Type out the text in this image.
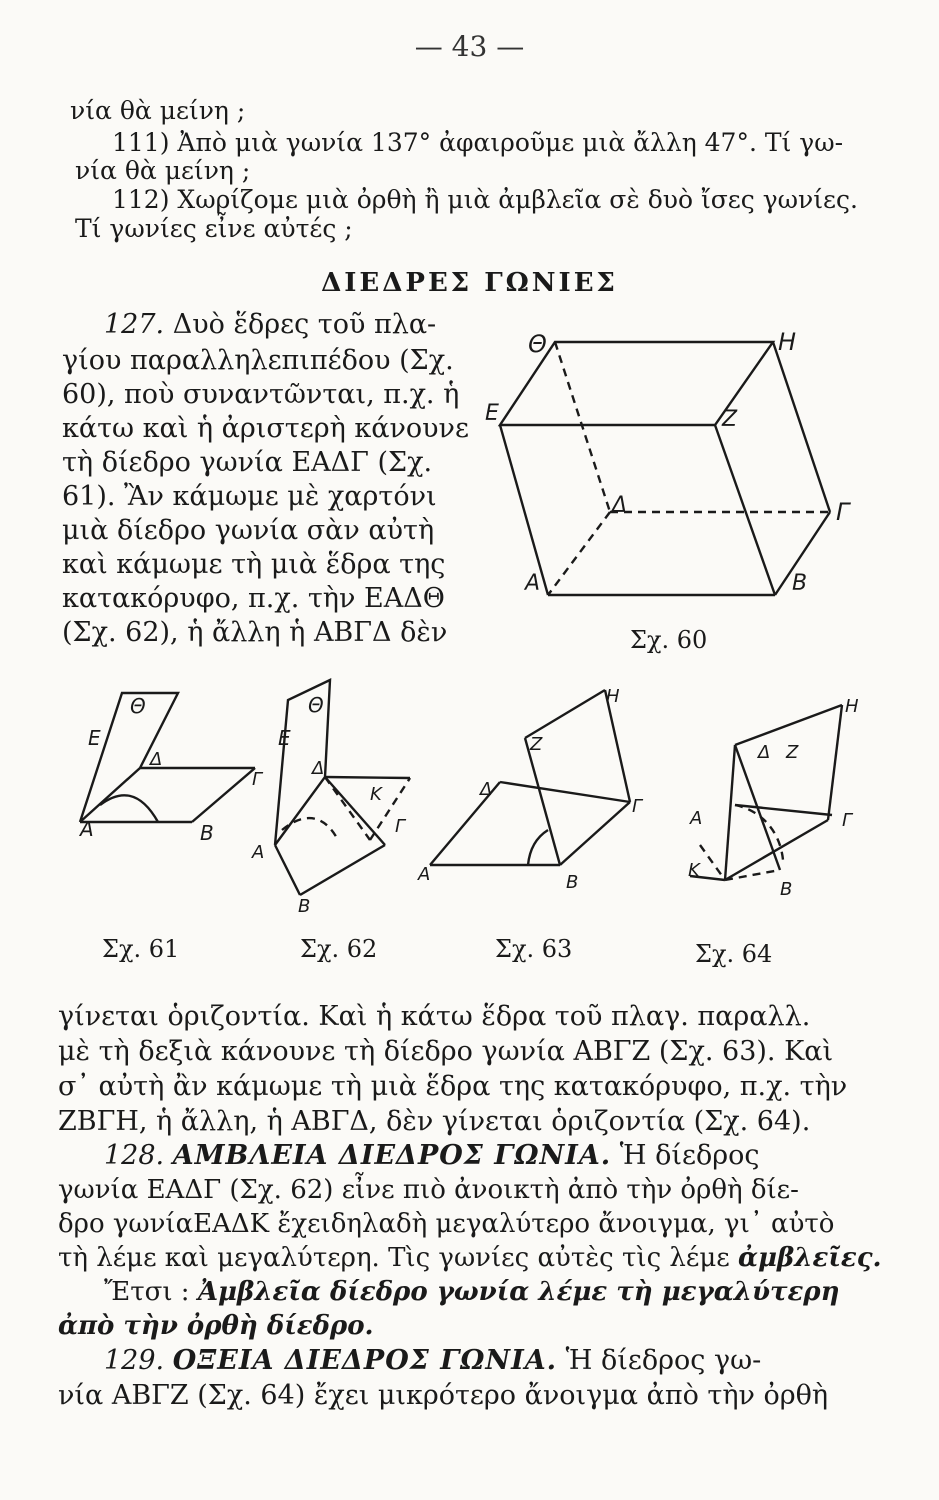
— 43 —
νία θὰ μείνη ;
111) Ἀπὸ μιὰ γωνία 137° ἀφαιροῦμε μιὰ ἄλλη 47°. Τί γω-
νία θὰ μείνη ;
112) Χωρίζομε μιὰ ὀρθὴ ἢ μιὰ ἀμβλεῖα σὲ δυὸ ἴσες γωνίες.
Τί γωνίες εἶνε αὐτές ;
ΔΙΕΔΡΕΣ ΓΩΝΙΕΣ
127. Δυὸ ἕδρες τοῦ πλα-
γίου παραλληλεπιπέδου (Σχ.
60), ποὺ συναντῶνται, π.χ. ἡ
κάτω καὶ ἡ ἀριστερὴ κάνουνε
τὴ δίεδρο γωνία ΕΑΔΓ (Σχ.
61). Ἂν κάμωμε μὲ χαρτόνι
μιὰ δίεδρο γωνία σὰν αὐτὴ
καὶ κάμωμε τὴ μιὰ ἕδρα της
κατακόρυφο, π.χ. τὴν ΕΑΔΘ
(Σχ. 62), ἡ ἄλλη ἡ ΑΒΓΔ δὲν
Θ	Η
Ε	Ζ
Δ	Γ
Α	Β
Θ
Ε
Δ
Γ
Α	Β
Θ
Ε
Δ
Κ
Γ
Α
Β
Η
Ζ
Δ
Γ
Α	Β
Η
Δ Ζ
Γ
Α
Κ
Β
Σχ. 60
Σχ. 61	Σχ. 62	Σχ. 63	Σχ. 64
γίνεται ὁριζοντία. Καὶ ἡ κάτω ἕδρα τοῦ πλαγ. παραλλ.
μὲ τὴ δεξιὰ κάνουνε τὴ δίεδρο γωνία ΑΒΓΖ (Σχ. 63). Καὶ
σ᾽ αὐτὴ ἂν κάμωμε τὴ μιὰ ἕδρα της κατακόρυφο, π.χ. τὴν
ΖΒΓΗ, ἡ ἄλλη, ἡ ΑΒΓΔ, δὲν γίνεται ὁριζοντία (Σχ. 64).
128. ΑΜΒΛΕΙΑ ΔΙΕΔΡΟΣ ΓΩΝΙΑ. Ἡ δίεδρος
γωνία ΕΑΔΓ (Σχ. 62) εἶνε πιὸ ἀνοικτὴ ἀπὸ τὴν ὀρθὴ δίε-
δρο γωνίαΕΑΔΚ ἔχειδηλαδὴ μεγαλύτερο ἄνοιγμα, γι᾽ αὐτὸ
τὴ λέμε καὶ μεγαλύτερη. Τὶς γωνίες αὐτὲς τὶς λέμε ἀμβλεῖες.
Ἔτσι : Ἀμβλεῖα δίεδρο γωνία λέμε τὴ μεγαλύτερη
ἀπὸ τὴν ὀρθὴ δίεδρο.
129. ΟΞΕΙΑ ΔΙΕΔΡΟΣ ΓΩΝΙΑ. Ἡ δίεδρος γω-
νία ΑΒΓΖ (Σχ. 64) ἔχει μικρότερο ἄνοιγμα ἀπὸ τὴν ὀρθὴ
